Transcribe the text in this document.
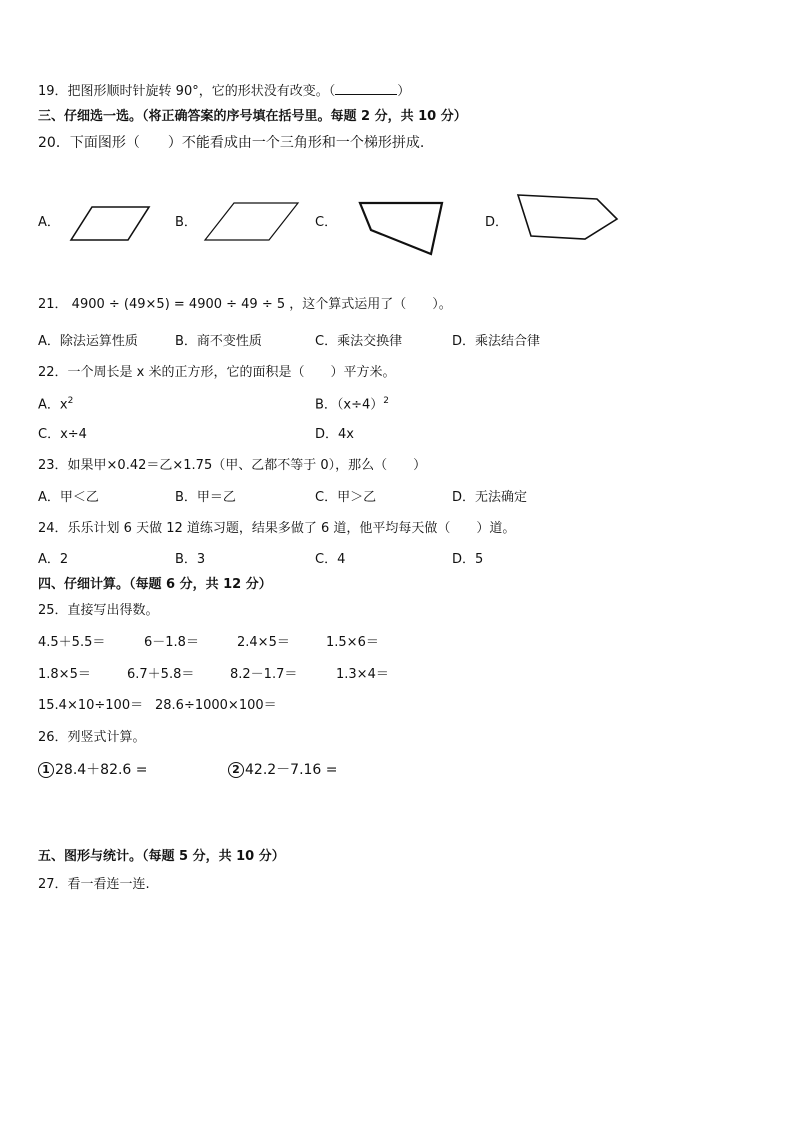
19．把图形顺时针旋转 90°，它的形状没有改变。（	）
三、仔细选一选。（将正确答案的序号填在括号里。每题 2 分，共 10 分）
20．下面图形（　　）不能看成由一个三角形和一个梯形拼成.
A．	B．	C．	D．
21． 4900 ÷ (49×5) = 4900 ÷ 49 ÷ 5 ，这个算式运用了（　　）。
A．除法运算性质	B．商不变性质	C．乘法交换律	D．乘法结合律
22．一个周长是 x 米的正方形，它的面积是（　　）平方米。
A．$x^2$	B．$(x\div 4)^2$
C．x÷4	D．4x
23．如果甲×0.42＝乙×1.75（甲、乙都不等于 0），那么（　　）
A．甲＜乙	B．甲＝乙	C．甲＞乙	D．无法确定
24．乐乐计划 6 天做 12 道练习题，结果多做了 6 道，他平均每天做（　　）道。
A．2	B．3	C．4	D．5
四、仔细计算。（每题 6 分，共 12 分）
25．直接写出得数。
4.5＋5.5＝	6－1.8＝	2.4×5＝	1.5×6＝
1.8×5＝	6.7＋5.8＝	8.2－1.7＝	1.3×4＝
15.4×10÷100＝ 28.6÷1000×100＝
26．列竖式计算。
1 28.4＋82.6 =	2 42.2－7.16 =
五、图形与统计。（每题 5 分，共 10 分）
27．看一看连一连.
